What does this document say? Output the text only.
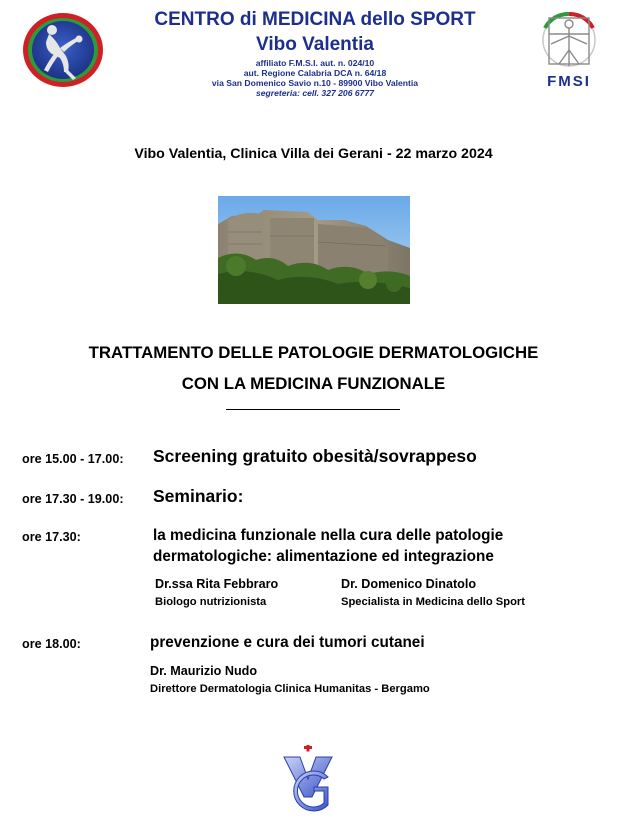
FMSI
CENTRO di MEDICINA dello SPORT
Vibo Valentia
affiliato F.M.S.I. aut. n. 024/10
aut. Regione Calabria DCA n. 64/18
via San Domenico Savio n.10 - 89900 Vibo Valentia
segreteria: cell. 327 206 6777
Vibo Valentia, Clinica Villa dei Gerani - 22 marzo 2024
TRATTAMENTO DELLE PATOLOGIE DERMATOLOGICHE
CON LA MEDICINA FUNZIONALE
ore 15.00 - 17.00: Screening gratuito obesità/sovrappeso
ore 17.30 - 19.00: Seminario:
ore 17.30:	la medicina funzionale nella cura delle patologie
dermatologiche: alimentazione ed integrazione
Dr.ssa Rita Febbraro
Biologo nutrizionista
Dr. Domenico Dinatolo
Specialista in Medicina dello Sport
ore 18.00:	prevenzione e cura dei tumori cutanei
Dr. Maurizio Nudo
Direttore Dermatologia Clinica Humanitas - Bergamo
